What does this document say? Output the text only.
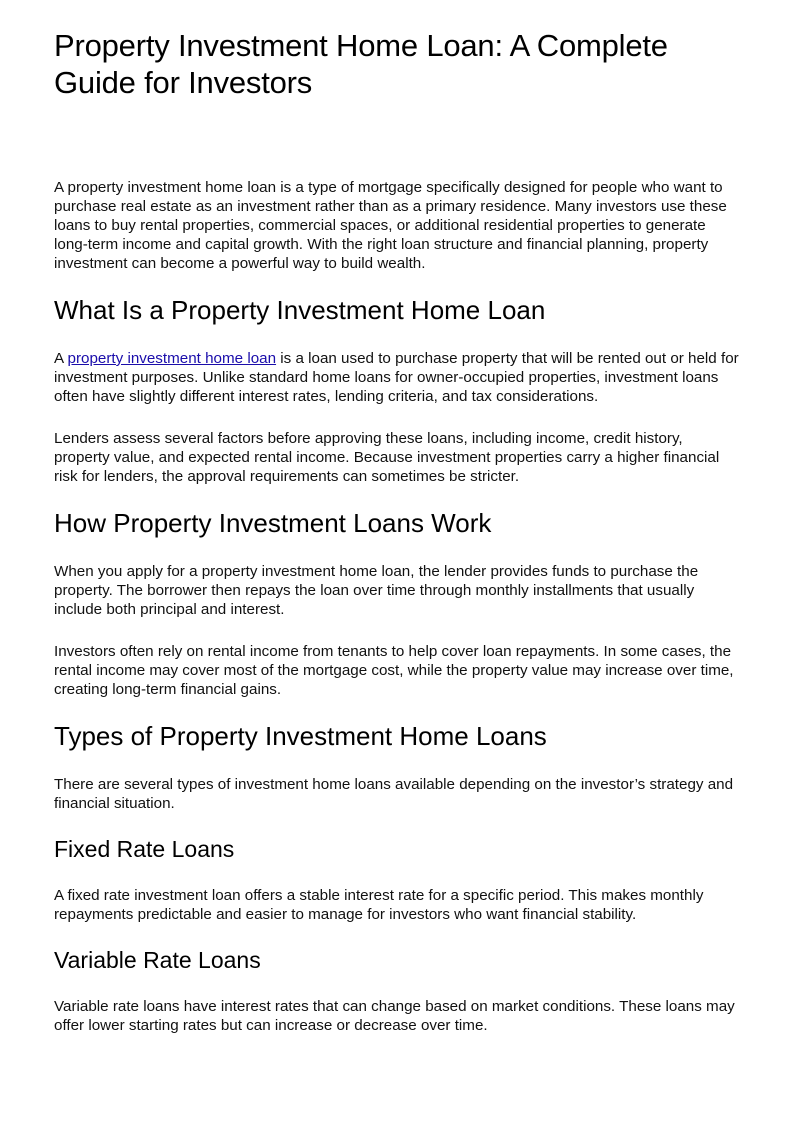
Property Investment Home Loan: A Complete Guide for Investors

A property investment home loan is a type of mortgage specifically designed for people who want to purchase real estate as an investment rather than as a primary residence. Many investors use these loans to buy rental properties, commercial spaces, or additional residential properties to generate long-term income and capital growth. With the right loan structure and financial planning, property investment can become a powerful way to build wealth.

What Is a Property Investment Home Loan

A property investment home loan is a loan used to purchase property that will be rented out or held for investment purposes. Unlike standard home loans for owner-occupied properties, investment loans often have slightly different interest rates, lending criteria, and tax considerations.

Lenders assess several factors before approving these loans, including income, credit history, property value, and expected rental income. Because investment properties carry a higher financial risk for lenders, the approval requirements can sometimes be stricter.

How Property Investment Loans Work

When you apply for a property investment home loan, the lender provides funds to purchase the property. The borrower then repays the loan over time through monthly installments that usually include both principal and interest.

Investors often rely on rental income from tenants to help cover loan repayments. In some cases, the rental income may cover most of the mortgage cost, while the property value may increase over time, creating long-term financial gains.

Types of Property Investment Home Loans

There are several types of investment home loans available depending on the investor’s strategy and financial situation.

Fixed Rate Loans

A fixed rate investment loan offers a stable interest rate for a specific period. This makes monthly repayments predictable and easier to manage for investors who want financial stability.

Variable Rate Loans

Variable rate loans have interest rates that can change based on market conditions. These loans may offer lower starting rates but can increase or decrease over time.
